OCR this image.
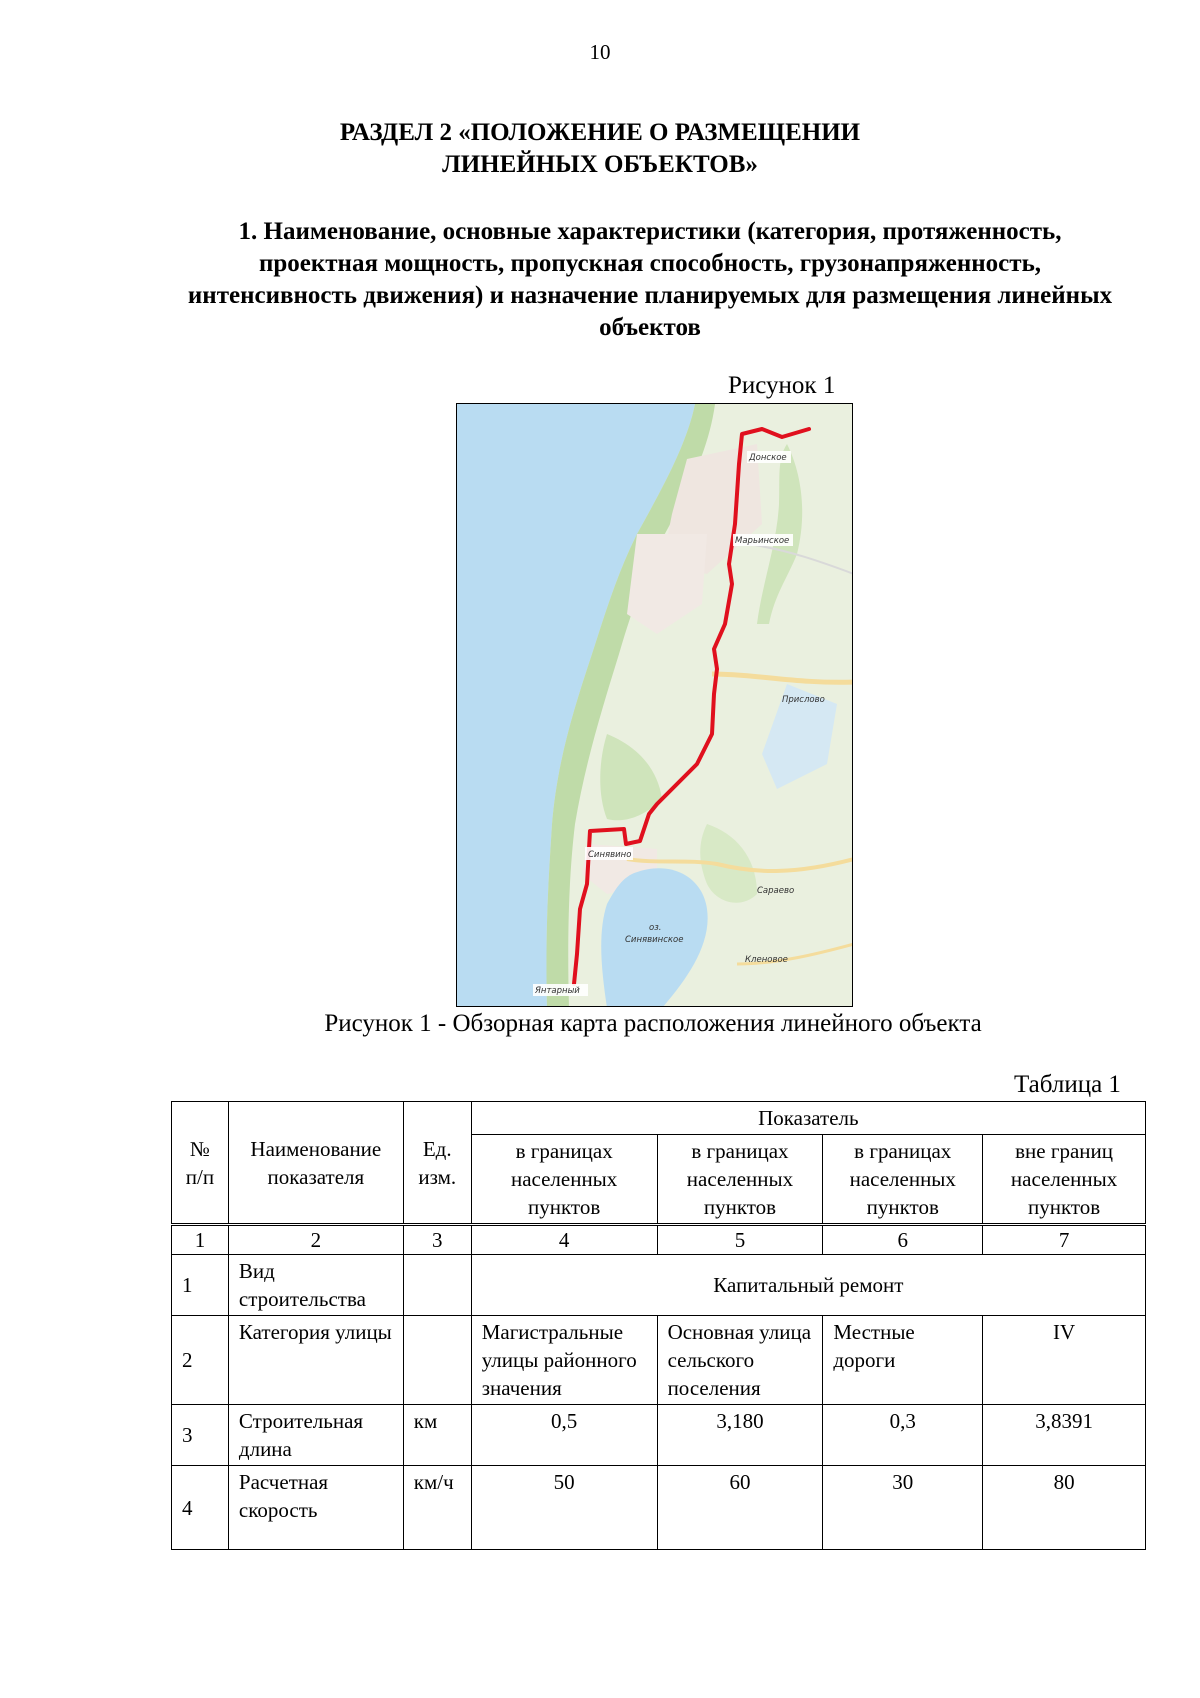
10
РАЗДЕЛ 2 «ПОЛОЖЕНИЕ О РАЗМЕЩЕНИИ
ЛИНЕЙНЫХ ОБЪЕКТОВ»
1. Наименование, основные характеристики (категория, протяженность, проектная мощность, пропускная способность, грузонапряженность, интенсивность движения) и назначение планируемых для размещения линейных объектов
Рисунок 1
Донское
Марьинское
Прислово
Синявино
Сараево
оз.
Синявинское
Кленовое
Янтарный
Рисунок 1 - Обзорная карта расположения линейного объекта
Таблица 1
№ п/п	Наименование показателя	Ед. изм.	Показатель			
			в границах населенных пунктов	в границах населенных пунктов	в границах населенных пунктов	вне границ населенных пунктов
1	2	3	4	5	6	7
1	Вид строительства		Капитальный ремонт			
2	Категория улицы		Магистральные улицы районного значения	Основная улица сельского поселения	Местные дороги	IV
3	Строительная длина	км	0,5	3,180	0,3	3,8391
4	Расчетная скорость	км/ч	50	60	30	80
